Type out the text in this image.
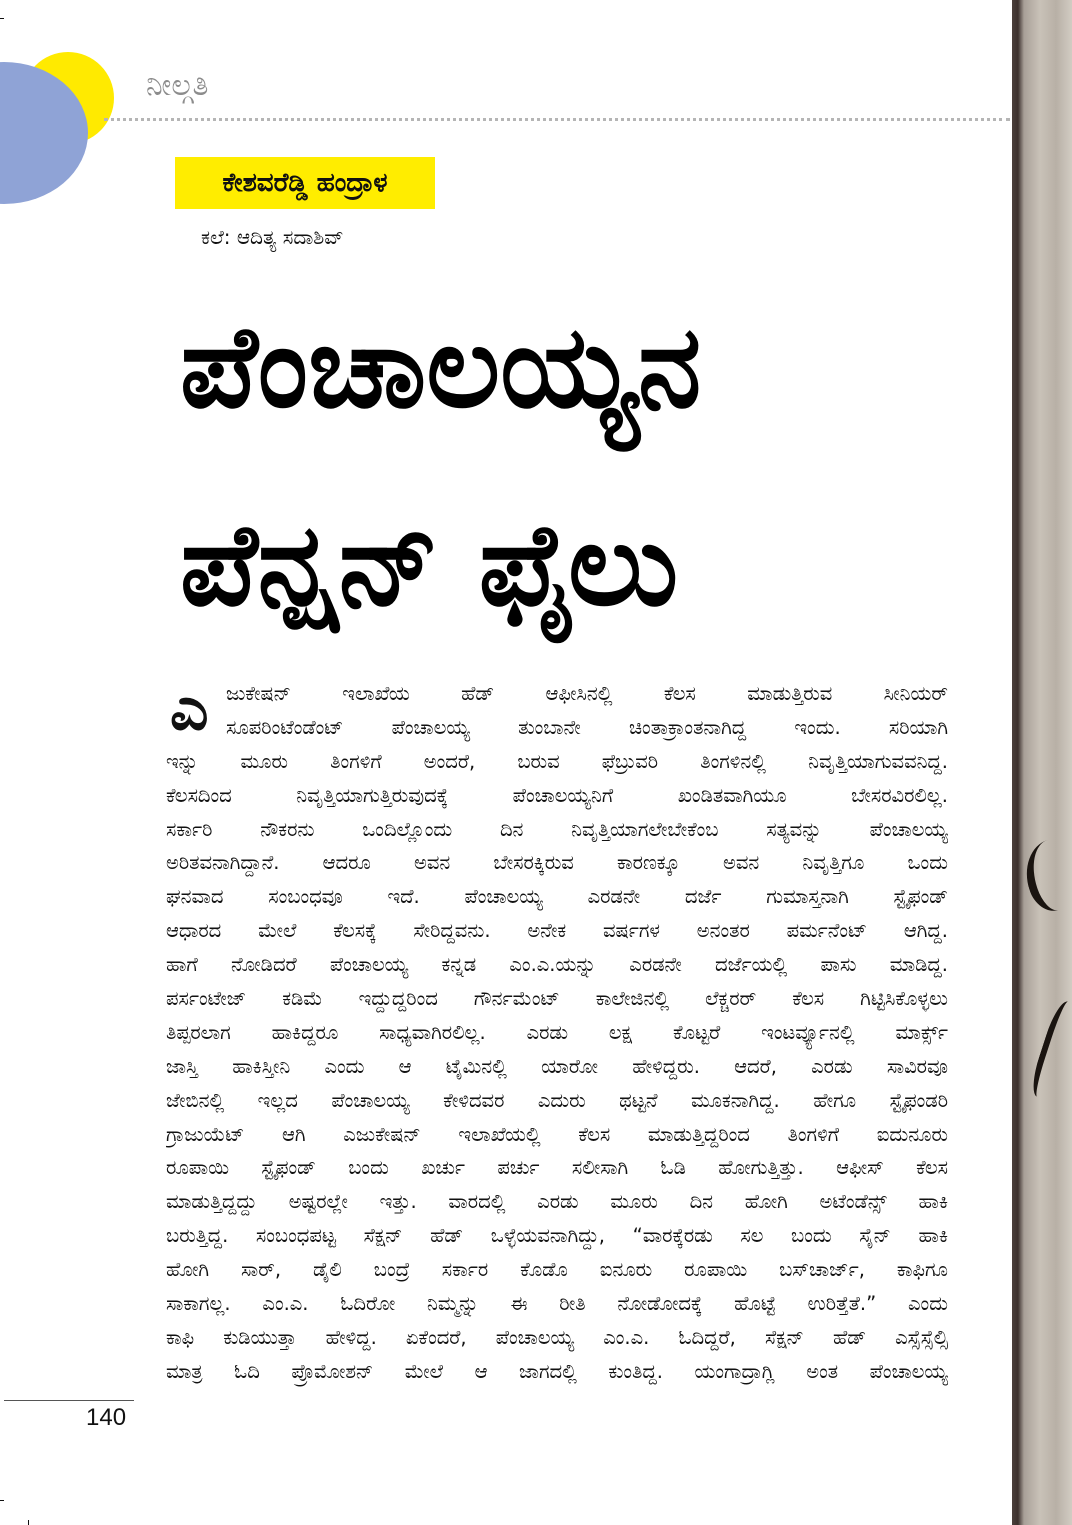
ನೀಲ್ಗತಿ
ಕೇಶವರೆಡ್ಡಿ ಹಂದ್ರಾಳ
ಕಲೆ: ಆದಿತ್ಯ ಸದಾಶಿವ್
ಪೆಂಚಾಲಯ್ಯನ
ಪೆನ್ಷನ್ ಫೈಲು
ಎ ಜುಕೇಷನ್ ಇಲಾಖೆಯ ಹೆಡ್ ಆಫೀಸಿನಲ್ಲಿ ಕೆಲಸ ಮಾಡುತ್ತಿರುವ ಸೀನಿಯರ್
ಸೂಪರಿಂಟೆಂಡೆಂಟ್ ಪೆಂಚಾಲಯ್ಯ ತುಂಬಾನೇ ಚಿಂತಾಕ್ರಾಂತನಾಗಿದ್ದ ಇಂದು. ಸರಿಯಾಗಿ
ಇನ್ನು ಮೂರು ತಿಂಗಳಿಗೆ ಅಂದರೆ, ಬರುವ ಫೆಬ್ರುವರಿ ತಿಂಗಳಿನಲ್ಲಿ ನಿವೃತ್ತಿಯಾಗುವವನಿದ್ದ.
ಕೆಲಸದಿಂದ ನಿವೃತ್ತಿಯಾಗುತ್ತಿರುವುದಕ್ಕೆ ಪೆಂಚಾಲಯ್ಯನಿಗೆ ಖಂಡಿತವಾಗಿಯೂ ಬೇಸರವಿರಲಿಲ್ಲ.
ಸರ್ಕಾರಿ ನೌಕರನು ಒಂದಿಲ್ಲೊಂದು ದಿನ ನಿವೃತ್ತಿಯಾಗಲೇಬೇಕೆಂಬ ಸತ್ಯವನ್ನು ಪೆಂಚಾಲಯ್ಯ
ಅರಿತವನಾಗಿದ್ದಾನೆ. ಆದರೂ ಅವನ ಬೇಸರಕ್ಕಿರುವ ಕಾರಣಕ್ಕೂ ಅವನ ನಿವೃತ್ತಿಗೂ ಒಂದು
ಘನವಾದ ಸಂಬಂಧವೂ ಇದೆ. ಪೆಂಚಾಲಯ್ಯ ಎರಡನೇ ದರ್ಜೆ ಗುಮಾಸ್ತನಾಗಿ ಸ್ಟೈಫಂಡ್
ಆಧಾರದ ಮೇಲೆ ಕೆಲಸಕ್ಕೆ ಸೇರಿದ್ದವನು. ಅನೇಕ ವರ್ಷಗಳ ಅನಂತರ ಪರ್ಮನೆಂಟ್ ಆಗಿದ್ದ.
ಹಾಗೆ ನೋಡಿದರೆ ಪೆಂಚಾಲಯ್ಯ ಕನ್ನಡ ಎಂ.ಎ.ಯನ್ನು ಎರಡನೇ ದರ್ಜೆಯಲ್ಲಿ ಪಾಸು ಮಾಡಿದ್ದ.
ಪರ್ಸಂಟೇಜ್ ಕಡಿಮೆ ಇದ್ದುದ್ದರಿಂದ ಗೌರ್ನಮೆಂಟ್ ಕಾಲೇಜಿನಲ್ಲಿ ಲೆಕ್ಚರರ್ ಕೆಲಸ ಗಿಟ್ಟಿಸಿಕೊಳ್ಳಲು
ತಿಪ್ಪರಲಾಗ ಹಾಕಿದ್ದರೂ ಸಾಧ್ಯವಾಗಿರಲಿಲ್ಲ. ಎರಡು ಲಕ್ಷ ಕೊಟ್ಟರೆ ಇಂಟರ್ವ್ಯೂನಲ್ಲಿ ಮಾರ್ಕ್ಸ್
ಜಾಸ್ತಿ ಹಾಕಿಸ್ತೀನಿ ಎಂದು ಆ ಟೈಮಿನಲ್ಲಿ ಯಾರೋ ಹೇಳಿದ್ದರು. ಆದರೆ, ಎರಡು ಸಾವಿರವೂ
ಜೇಬಿನಲ್ಲಿ ಇಲ್ಲದ ಪೆಂಚಾಲಯ್ಯ ಕೇಳಿದವರ ಎದುರು ಥಟ್ಟನೆ ಮೂಕನಾಗಿದ್ದ. ಹೇಗೂ ಸ್ಟೈಫಂಡರಿ
ಗ್ರಾಜುಯೆಟ್ ಆಗಿ ಎಜುಕೇಷನ್ ಇಲಾಖೆಯಲ್ಲಿ ಕೆಲಸ ಮಾಡುತ್ತಿದ್ದರಿಂದ ತಿಂಗಳಿಗೆ ಐದುನೂರು
ರೂಪಾಯಿ ಸ್ಟೈಫಂಡ್ ಬಂದು ಖರ್ಚು ಪರ್ಚು ಸಲೀಸಾಗಿ ಓಡಿ ಹೋಗುತ್ತಿತ್ತು. ಆಫೀಸ್ ಕೆಲಸ
ಮಾಡುತ್ತಿದ್ದದ್ದು ಅಷ್ಟರಲ್ಲೇ ಇತ್ತು. ವಾರದಲ್ಲಿ ಎರಡು ಮೂರು ದಿನ ಹೋಗಿ ಅಟೆಂಡೆನ್ಸ್ ಹಾಕಿ
ಬರುತ್ತಿದ್ದ. ಸಂಬಂಧಪಟ್ಟ ಸೆಕ್ಷನ್ ಹೆಡ್ ಒಳ್ಳೆಯವನಾಗಿದ್ದು, “ವಾರಕ್ಕೆರಡು ಸಲ ಬಂದು ಸೈನ್ ಹಾಕಿ
ಹೋಗಿ ಸಾರ್, ಡೈಲಿ ಬಂದ್ರೆ ಸರ್ಕಾರ ಕೊಡೊ ಐನೂರು ರೂಪಾಯಿ ಬಸ್‌ಚಾರ್ಜ್, ಕಾಫಿಗೂ
ಸಾಕಾಗಲ್ಲ. ಎಂ.ಎ. ಓದಿರೋ ನಿಮ್ಮನ್ನು ಈ ರೀತಿ ನೋಡೋದಕ್ಕೆ ಹೊಟ್ಟೆ ಉರಿತ್ತೆತೆ.” ಎಂದು
ಕಾಫಿ ಕುಡಿಯುತ್ತಾ ಹೇಳಿದ್ದ. ಏಕೆಂದರೆ, ಪೆಂಚಾಲಯ್ಯ ಎಂ.ಎ. ಓದಿದ್ದರೆ, ಸೆಕ್ಷನ್ ಹೆಡ್ ಎಸ್ಸೆಸ್ಸೆಲ್ಸಿ
ಮಾತ್ರ ಓದಿ ಪ್ರೊಮೋಶನ್ ಮೇಲೆ ಆ ಜಾಗದಲ್ಲಿ ಕುಂತಿದ್ದ. ಯಂಗಾದ್ರಾಗ್ಲಿ ಅಂತ ಪೆಂಚಾಲಯ್ಯ
140
